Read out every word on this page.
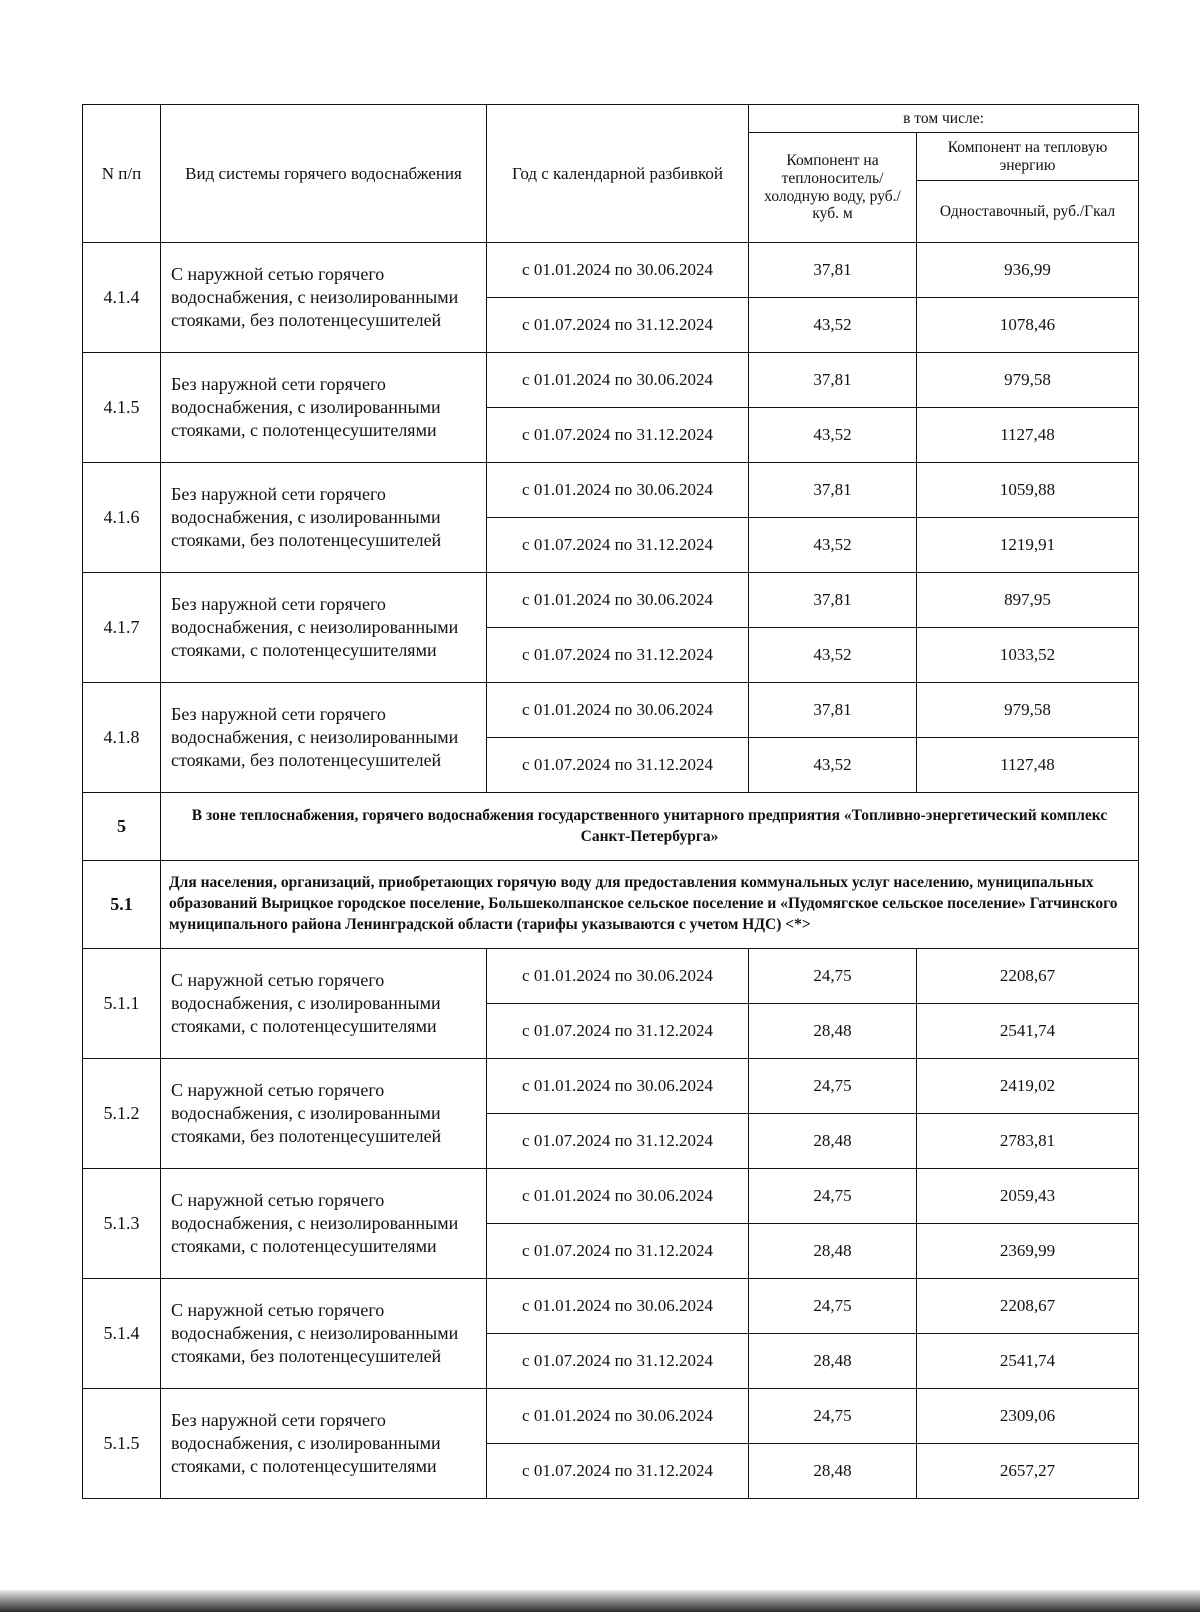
N п/п	Вид системы горячего водоснабжения	Год с календарной разбивкой	в том числе:	
			Компонент на теплоноситель/ холодную воду, руб./куб. м	Компонент на тепловую энергию
				Одноставочный, руб./Гкал
4.1.4	С наружной сетью горячего водоснабжения, с неизолированными стояками, без полотенцесушителей	с 01.01.2024 по 30.06.2024	37,81	936,99
		с 01.07.2024 по 31.12.2024	43,52	1078,46
4.1.5	Без наружной сети горячего водоснабжения, с изолированными стояками, с полотенцесушителями	с 01.01.2024 по 30.06.2024	37,81	979,58
		с 01.07.2024 по 31.12.2024	43,52	1127,48
4.1.6	Без наружной сети горячего водоснабжения, с изолированными стояками, без полотенцесушителей	с 01.01.2024 по 30.06.2024	37,81	1059,88
		с 01.07.2024 по 31.12.2024	43,52	1219,91
4.1.7	Без наружной сети горячего водоснабжения, с неизолированными стояками, с полотенцесушителями	с 01.01.2024 по 30.06.2024	37,81	897,95
		с 01.07.2024 по 31.12.2024	43,52	1033,52
4.1.8	Без наружной сети горячего водоснабжения, с неизолированными стояками, без полотенцесушителей	с 01.01.2024 по 30.06.2024	37,81	979,58
		с 01.07.2024 по 31.12.2024	43,52	1127,48
5	В зоне теплоснабжения, горячего водоснабжения государственного унитарного предприятия «Топливно-энергетический комплекс Санкт-Петербурга»			
5.1	Для населения, организаций, приобретающих горячую воду для предоставления коммунальных услуг населению, муниципальных образований Вырицкое городское поселение, Большеколпанское сельское поселение и «Пудомягское сельское поселение» Гатчинского муниципального района Ленинградской области (тарифы указываются с учетом НДС) <*>			
5.1.1	С наружной сетью горячего водоснабжения, с изолированными стояками, с полотенцесушителями	с 01.01.2024 по 30.06.2024	24,75	2208,67
		с 01.07.2024 по 31.12.2024	28,48	2541,74
5.1.2	С наружной сетью горячего водоснабжения, с изолированными стояками, без полотенцесушителей	с 01.01.2024 по 30.06.2024	24,75	2419,02
		с 01.07.2024 по 31.12.2024	28,48	2783,81
5.1.3	С наружной сетью горячего водоснабжения, с неизолированными стояками, с полотенцесушителями	с 01.01.2024 по 30.06.2024	24,75	2059,43
		с 01.07.2024 по 31.12.2024	28,48	2369,99
5.1.4	С наружной сетью горячего водоснабжения, с неизолированными стояками, без полотенцесушителей	с 01.01.2024 по 30.06.2024	24,75	2208,67
		с 01.07.2024 по 31.12.2024	28,48	2541,74
5.1.5	Без наружной сети горячего водоснабжения, с изолированными стояками, с полотенцесушителями	с 01.01.2024 по 30.06.2024	24,75	2309,06
		с 01.07.2024 по 31.12.2024	28,48	2657,27
